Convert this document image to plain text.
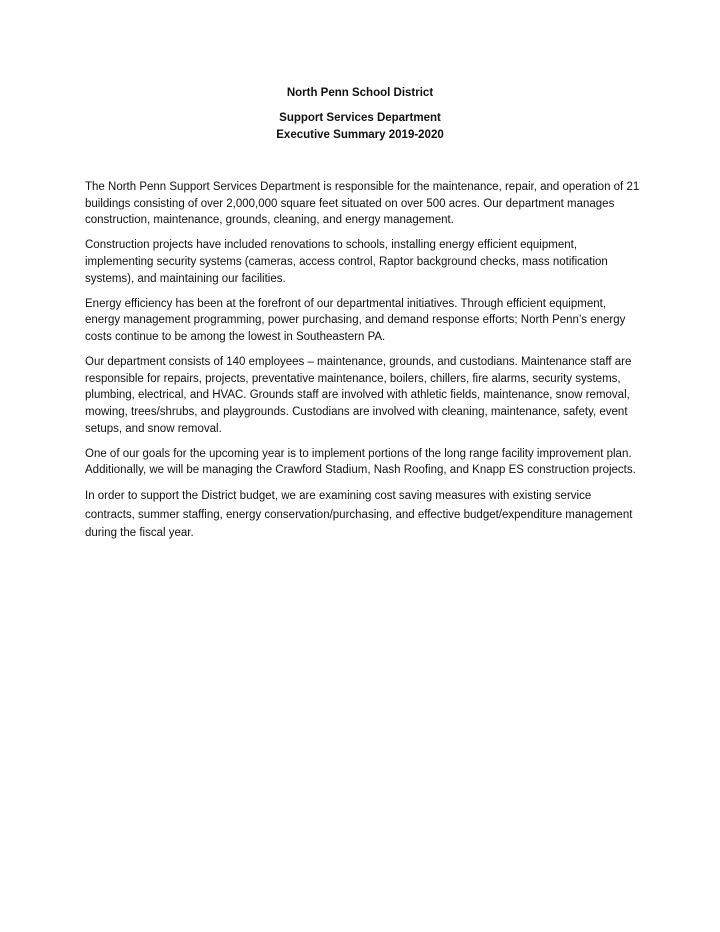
North Penn School District
Support Services Department
Executive Summary 2019-2020

The North Penn Support Services Department is responsible for the maintenance, repair, and operation of 21 buildings consisting of over 2,000,000 square feet situated on over 500 acres. Our department manages construction, maintenance, grounds, cleaning, and energy management.

Construction projects have included renovations to schools, installing energy efficient equipment, implementing security systems (cameras, access control, Raptor background checks, mass notification systems), and maintaining our facilities.

Energy efficiency has been at the forefront of our departmental initiatives. Through efficient equipment, energy management programming, power purchasing, and demand response efforts; North Penn’s energy costs continue to be among the lowest in Southeastern PA.

Our department consists of 140 employees – maintenance, grounds, and custodians. Maintenance staff are responsible for repairs, projects, preventative maintenance, boilers, chillers, fire alarms, security systems, plumbing, electrical, and HVAC. Grounds staff are involved with athletic fields, maintenance, snow removal, mowing, trees/shrubs, and playgrounds. Custodians are involved with cleaning, maintenance, safety, event setups, and snow removal.

One of our goals for the upcoming year is to implement portions of the long range facility improvement plan. Additionally, we will be managing the Crawford Stadium, Nash Roofing, and Knapp ES construction projects.

In order to support the District budget, we are examining cost saving measures with existing service contracts, summer staffing, energy conservation/purchasing, and effective budget/expenditure management during the fiscal year.
